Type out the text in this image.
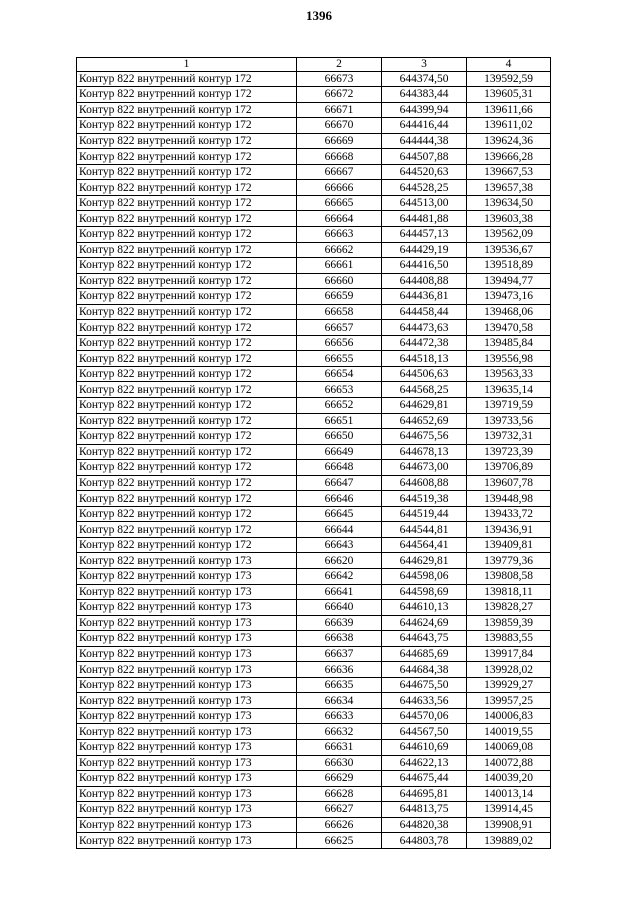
1396
1	2	3	4
Контур 822 внутренний контур 172	66673	644374,50	139592,59
Контур 822 внутренний контур 172	66672	644383,44	139605,31
Контур 822 внутренний контур 172	66671	644399,94	139611,66
Контур 822 внутренний контур 172	66670	644416,44	139611,02
Контур 822 внутренний контур 172	66669	644444,38	139624,36
Контур 822 внутренний контур 172	66668	644507,88	139666,28
Контур 822 внутренний контур 172	66667	644520,63	139667,53
Контур 822 внутренний контур 172	66666	644528,25	139657,38
Контур 822 внутренний контур 172	66665	644513,00	139634,50
Контур 822 внутренний контур 172	66664	644481,88	139603,38
Контур 822 внутренний контур 172	66663	644457,13	139562,09
Контур 822 внутренний контур 172	66662	644429,19	139536,67
Контур 822 внутренний контур 172	66661	644416,50	139518,89
Контур 822 внутренний контур 172	66660	644408,88	139494,77
Контур 822 внутренний контур 172	66659	644436,81	139473,16
Контур 822 внутренний контур 172	66658	644458,44	139468,06
Контур 822 внутренний контур 172	66657	644473,63	139470,58
Контур 822 внутренний контур 172	66656	644472,38	139485,84
Контур 822 внутренний контур 172	66655	644518,13	139556,98
Контур 822 внутренний контур 172	66654	644506,63	139563,33
Контур 822 внутренний контур 172	66653	644568,25	139635,14
Контур 822 внутренний контур 172	66652	644629,81	139719,59
Контур 822 внутренний контур 172	66651	644652,69	139733,56
Контур 822 внутренний контур 172	66650	644675,56	139732,31
Контур 822 внутренний контур 172	66649	644678,13	139723,39
Контур 822 внутренний контур 172	66648	644673,00	139706,89
Контур 822 внутренний контур 172	66647	644608,88	139607,78
Контур 822 внутренний контур 172	66646	644519,38	139448,98
Контур 822 внутренний контур 172	66645	644519,44	139433,72
Контур 822 внутренний контур 172	66644	644544,81	139436,91
Контур 822 внутренний контур 172	66643	644564,41	139409,81
Контур 822 внутренний контур 173	66620	644629,81	139779,36
Контур 822 внутренний контур 173	66642	644598,06	139808,58
Контур 822 внутренний контур 173	66641	644598,69	139818,11
Контур 822 внутренний контур 173	66640	644610,13	139828,27
Контур 822 внутренний контур 173	66639	644624,69	139859,39
Контур 822 внутренний контур 173	66638	644643,75	139883,55
Контур 822 внутренний контур 173	66637	644685,69	139917,84
Контур 822 внутренний контур 173	66636	644684,38	139928,02
Контур 822 внутренний контур 173	66635	644675,50	139929,27
Контур 822 внутренний контур 173	66634	644633,56	139957,25
Контур 822 внутренний контур 173	66633	644570,06	140006,83
Контур 822 внутренний контур 173	66632	644567,50	140019,55
Контур 822 внутренний контур 173	66631	644610,69	140069,08
Контур 822 внутренний контур 173	66630	644622,13	140072,88
Контур 822 внутренний контур 173	66629	644675,44	140039,20
Контур 822 внутренний контур 173	66628	644695,81	140013,14
Контур 822 внутренний контур 173	66627	644813,75	139914,45
Контур 822 внутренний контур 173	66626	644820,38	139908,91
Контур 822 внутренний контур 173	66625	644803,78	139889,02
